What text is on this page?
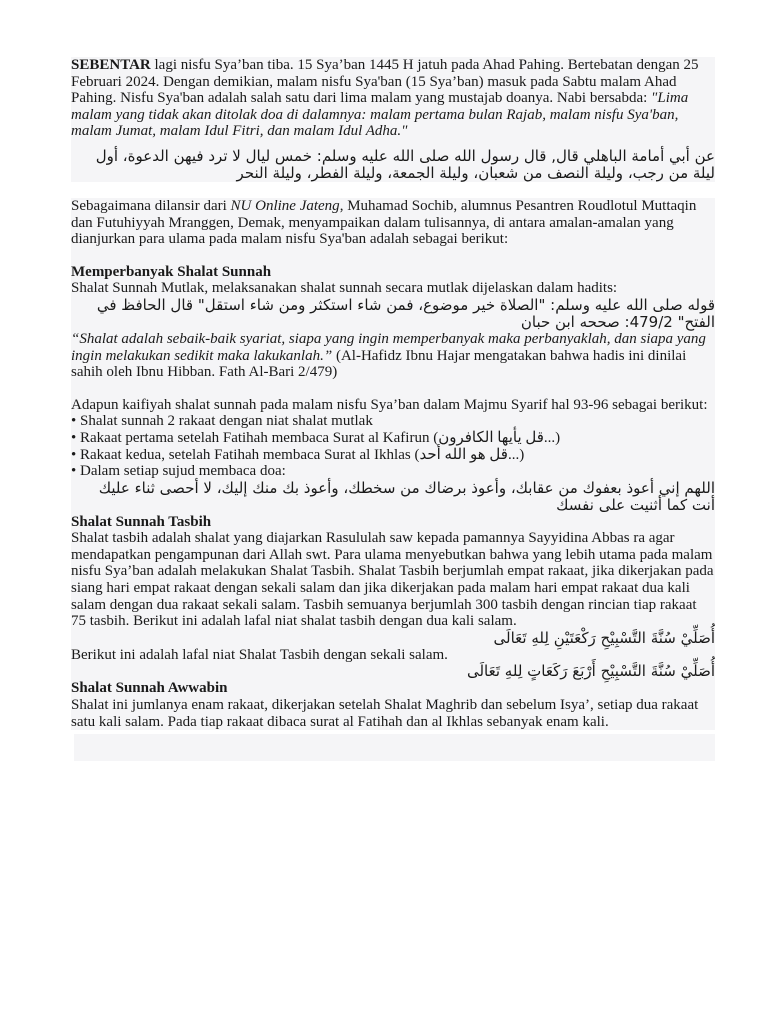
SEBENTAR lagi nisfu Sya’ban tiba. 15 Sya’ban 1445 H jatuh pada Ahad Pahing. Bertebatan dengan 25 Februari 2024. Dengan demikian, malam nisfu Sya'ban (15 Sya’ban) masuk pada Sabtu malam Ahad Pahing. Nisfu Sya'ban adalah salah satu dari lima malam yang mustajab doanya. Nabi bersabda: "Lima malam yang tidak akan ditolak doa di dalamnya: malam pertama bulan Rajab, malam nisfu Sya'ban, malam Jumat, malam Idul Fitri, dan malam Idul Adha."

عن أبي أمامة الباهلي قال, قال رسول الله صلى الله عليه وسلم: خمس ليال لا ترد فيهن الدعوة، أول ليلة من رجب، وليلة النصف من شعبان، وليلة الجمعة، وليلة الفطر، وليلة النحر

Sebagaimana dilansir dari NU Online Jateng, Muhamad Sochib, alumnus Pesantren Roudlotul Muttaqin dan Futuhiyyah Mranggen, Demak, menyampaikan dalam tulisannya, di antara amalan-amalan yang dianjurkan para ulama pada malam nisfu Sya'ban adalah sebagai berikut:

Memperbanyak Shalat Sunnah

Shalat Sunnah Mutlak, melaksanakan shalat sunnah secara mutlak dijelaskan dalam hadits:

قوله صلى الله عليه وسلم: "الصلاة خير موضوع، فمن شاء استكثر ومن شاء استقل" قال الحافظ في الفتح" 479/2: صححه ابن حبان

“Shalat adalah sebaik-baik syariat, siapa yang ingin memperbanyak maka perbanyaklah, dan siapa yang ingin melakukan sedikit maka lakukanlah.” (Al-Hafidz Ibnu Hajar mengatakan bahwa hadis ini dinilai sahih oleh Ibnu Hibban. Fath Al-Bari 2/479)

Adapun kaifiyah shalat sunnah pada malam nisfu Sya’ban dalam Majmu Syarif hal 93-96 sebagai berikut:

• Shalat sunnah 2 rakaat dengan niat shalat mutlak

• Rakaat pertama setelah Fatihah membaca Surat al Kafirun (قل يأيها الكافرون...)

• Rakaat kedua, setelah Fatihah membaca Surat al Ikhlas (قل هو الله أحد...)

• Dalam setiap sujud membaca doa:

اللهم إني أعوذ بعفوك من عقابك، وأعوذ برضاك من سخطك، وأعوذ بك منك إليك، لا أحصى ثناء عليك أنت كما أثنيت على نفسك

Shalat Sunnah Tasbih

Shalat tasbih adalah shalat yang diajarkan Rasululah saw kepada pamannya Sayyidina Abbas ra agar mendapatkan pengampunan dari Allah swt. Para ulama menyebutkan bahwa yang lebih utama pada malam nisfu Sya’ban adalah melakukan Shalat Tasbih. Shalat Tasbih berjumlah empat rakaat, jika dikerjakan pada siang hari empat rakaat dengan sekali salam dan jika dikerjakan pada malam hari empat rakaat dua kali salam dengan dua rakaat sekali salam. Tasbih semuanya berjumlah 300 tasbih dengan rincian tiap rakaat 75 tasbih. Berikut ini adalah lafal niat shalat tasbih dengan dua kali salam.

أُصَلِّيْ سُنَّةَ التَّسْبِيْحِ رَكْعَتَيْنِ لِلهِ تَعَالَى

Berikut ini adalah lafal niat Shalat Tasbih dengan sekali salam.

أُصَلِّيْ سُنَّةَ التَّسْبِيْحِ أَرْبَعَ رَكَعَاتٍ لِلهِ تَعَالَى

Shalat Sunnah Awwabin

Shalat ini jumlanya enam rakaat, dikerjakan setelah Shalat Maghrib dan sebelum Isya’, setiap dua rakaat satu kali salam. Pada tiap rakaat dibaca surat al Fatihah dan al Ikhlas sebanyak enam kali.
